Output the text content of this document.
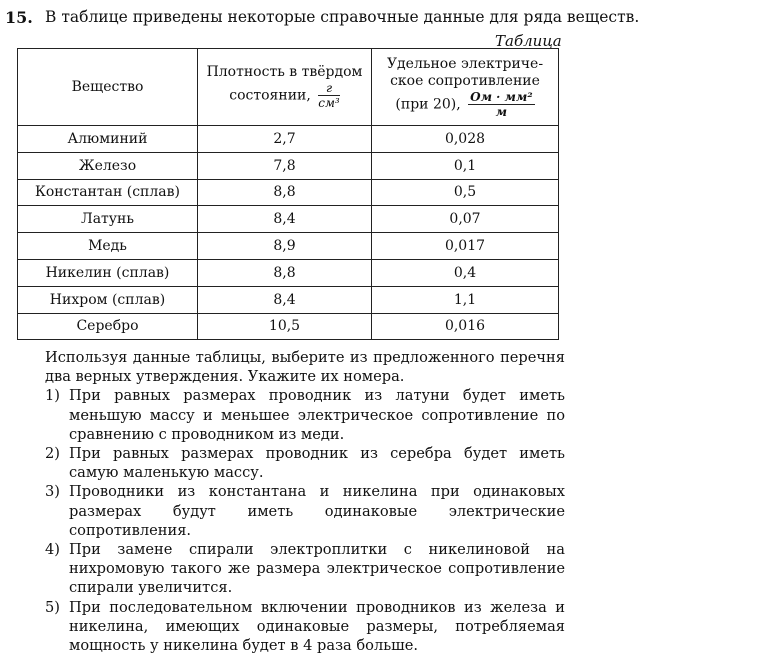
15. В таблице приведены некоторые справочные данные для ряда веществ.
Таблица
Вещество	Плотность в твёрдом состоянии, $\frac{г}{\text{см³}}$	Удельное электриче-
ское сопротивление
(при 20), $\frac{\text{Ом · мм²}}{м}$

Алюминий	2,7	0,028
Железо	7,8	0,1
Константан (сплав)	8,8	0,5
Латунь	8,4	0,07
Медь	8,9	0,017
Никелин (сплав)	8,8	0,4
Нихром (сплав)	8,4	1,1
Серебро	10,5	0,016

Используя данные таблицы, выберите из предложенного перечня два верных утверждения. Укажите их номера.

1) При равных размерах проводник из латуни будет иметь меньшую массу и меньшее электрическое сопротивление по сравнению с проводником из меди.
2) При равных размерах проводник из серебра будет иметь самую маленькую массу.
3) Проводники из константана и никелина при одинаковых размерах будут иметь одинаковые электрические сопротивления.
4) При замене спирали электроплитки с никелиновой на нихромовую такого же размера электрическое сопротивление спирали увеличится.
5) При последовательном включении проводников из железа и никелина, имеющих одинаковые размеры, потребляемая мощность у никелина будет в 4 раза больше.
